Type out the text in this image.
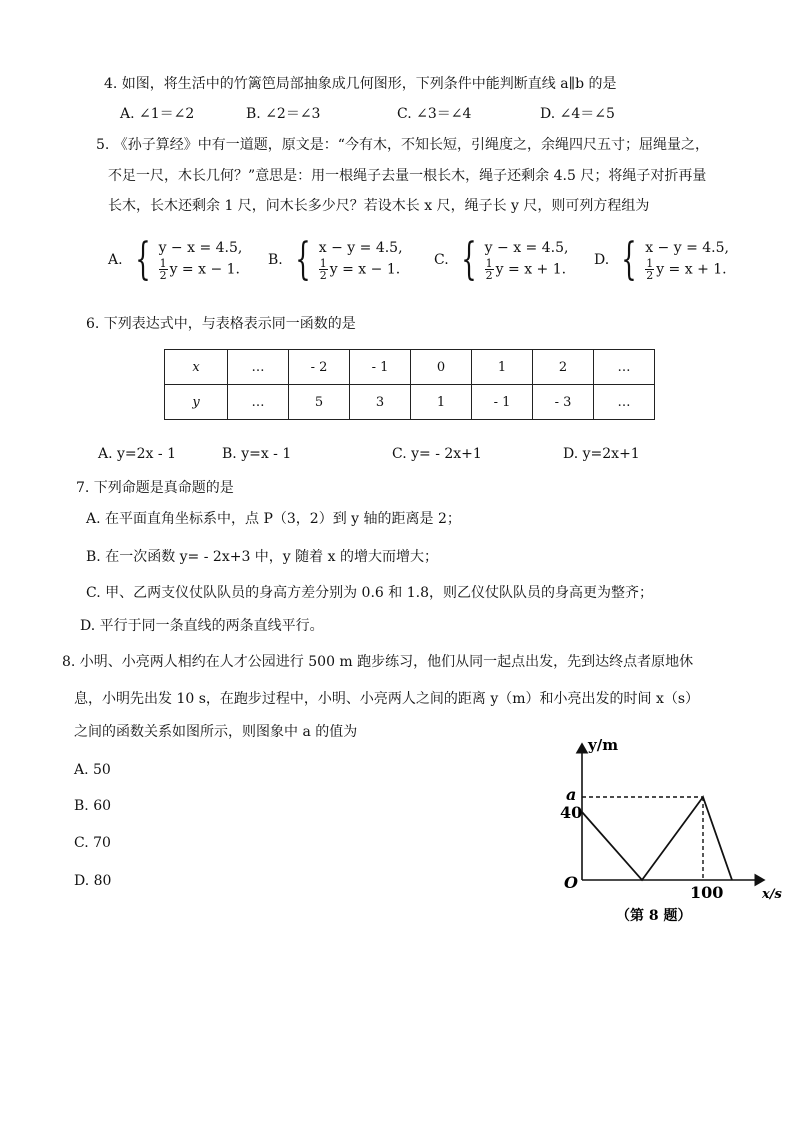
4. 如图，将生活中的竹篱笆局部抽象成几何图形，下列条件中能判断直线 a∥b 的是
A. ∠1＝∠2	B. ∠2＝∠3	C. ∠3＝∠4	D. ∠4＝∠5
5. 《孙子算经》中有一道题，原文是：“今有木，不知长短，引绳度之，余绳四尺五寸；屈绳量之，
不足一尺，木长几何？”意思是：用一根绳子去量一根长木，绳子还剩余 4.5 尺；将绳子对折再量
长木，长木还剩余 1 尺，问木长多少尺？若设木长 x 尺，绳子长 y 尺，则可列方程组为
A. { y − x = 4.5,
$\frac{1}{2}$ y = x − 1.
B. { x − y = 4.5,
$\frac{1}{2}$ y = x − 1.
C. { y − x = 4.5,
$\frac{1}{2}$ y = x + 1.
D. { x − y = 4.5,
$\frac{1}{2}$ y = x + 1.
6. 下列表达式中，与表格表示同一函数的是
x	…	- 2	- 1	0	1	2	…
y	…	5	3	1	- 1	- 3	…
A. y=2x - 1	B. y=x - 1	C. y= - 2x+1	D. y=2x+1
7. 下列命题是真命题的是
A. 在平面直角坐标系中，点 P（3，2）到 y 轴的距离是 2；
B. 在一次函数 y= - 2x+3 中，y 随着 x 的增大而增大；
C. 甲、乙两支仪仗队队员的身高方差分别为 0.6 和 1.8，则乙仪仗队队员的身高更为整齐；
D. 平行于同一条直线的两条直线平行。
8. 小明、小亮两人相约在人才公园进行 500 m 跑步练习，他们从同一起点出发，先到达终点者原地休
息，小明先出发 10 s，在跑步过程中，小明、小亮两人之间的距离 y（m）和小亮出发的时间 x（s）
之间的函数关系如图所示，则图象中 a 的值为
A. 50
B. 60
C. 70
D. 80
y/m
x/s
O
a
40
100
（第 8 题）
